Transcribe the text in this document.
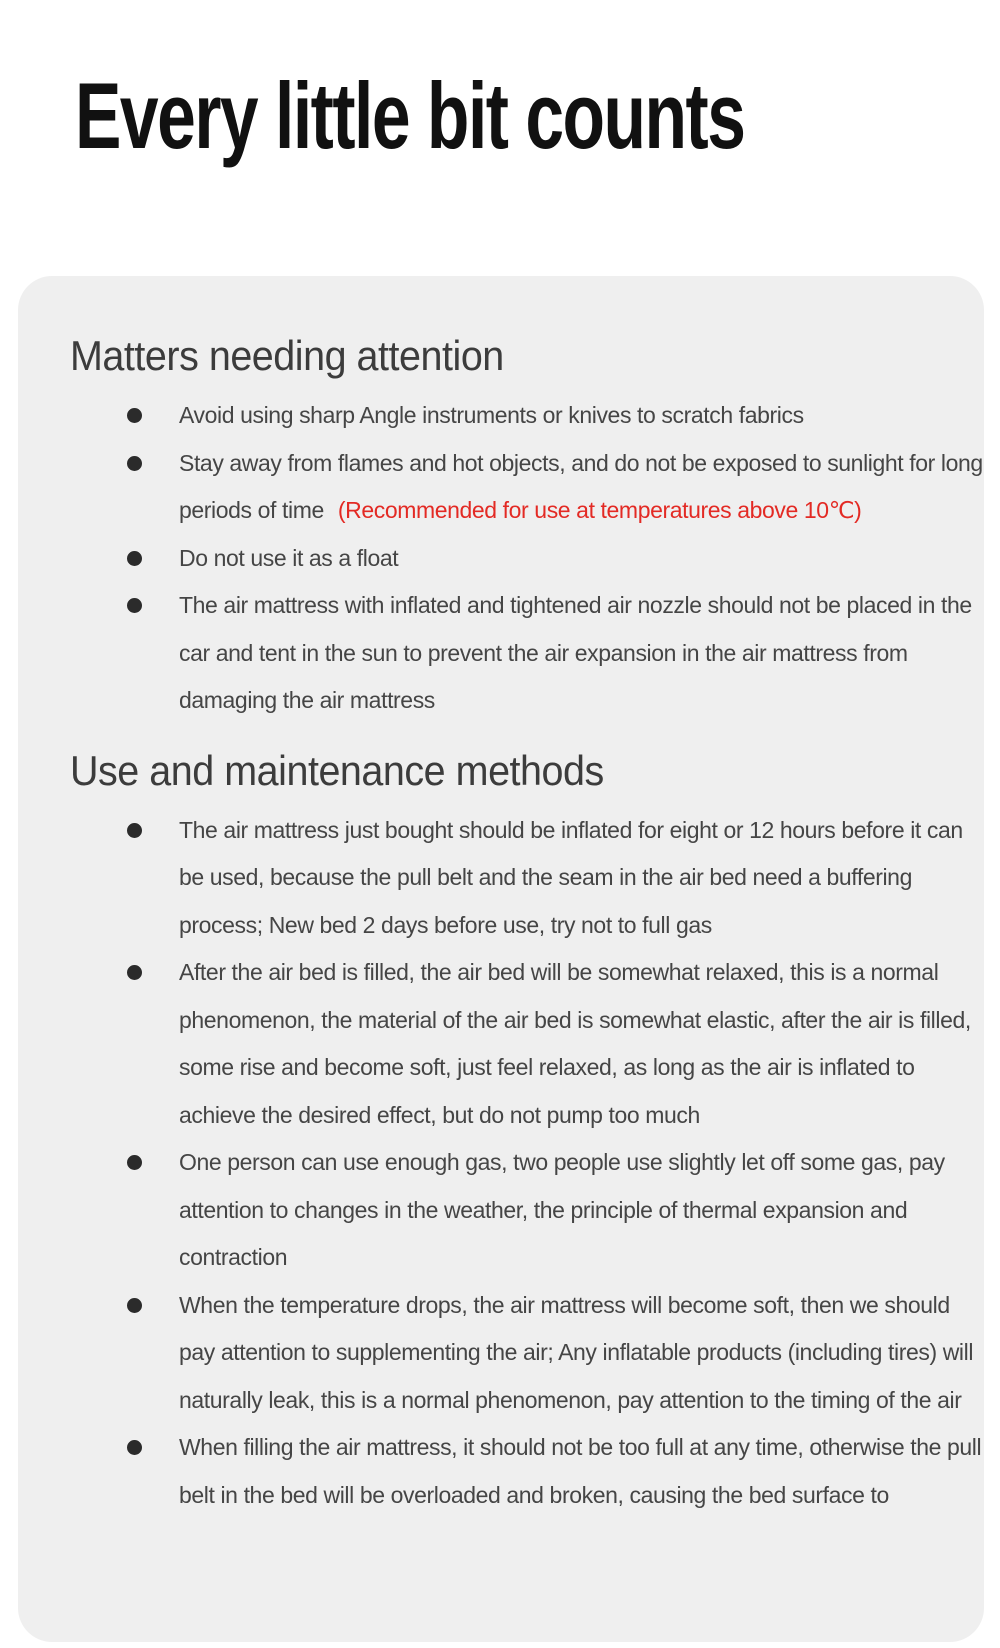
Every little bit counts
Matters needing attention

Avoid using sharp Angle instruments or knives to scratch fabrics

Stay away from flames and hot objects, and do not be exposed to sunlight for long periods of time (Recommended for use at temperatures above 10℃)

Do not use it as a float

The air mattress with inflated and tightened air nozzle should not be placed in the car and tent in the sun to prevent the air expansion in the air mattress from damaging the air mattress

Use and maintenance methods

The air mattress just bought should be inflated for eight or 12 hours before it can be used, because the pull belt and the seam in the air bed need a buffering process; New bed 2 days before use, try not to full gas

After the air bed is filled, the air bed will be somewhat relaxed, this is a normal phenomenon, the material of the air bed is somewhat elastic, after the air is filled, some rise and become soft, just feel relaxed, as long as the air is inflated to achieve the desired effect, but do not pump too much

One person can use enough gas, two people use slightly let off some gas, pay attention to changes in the weather, the principle of thermal expansion and contraction

When the temperature drops, the air mattress will become soft, then we should pay attention to supplementing the air; Any inflatable products (including tires) will naturally leak, this is a normal phenomenon, pay attention to the timing of the air

When filling the air mattress, it should not be too full at any time, otherwise the pull belt in the bed will be overloaded and broken, causing the bed surface to
